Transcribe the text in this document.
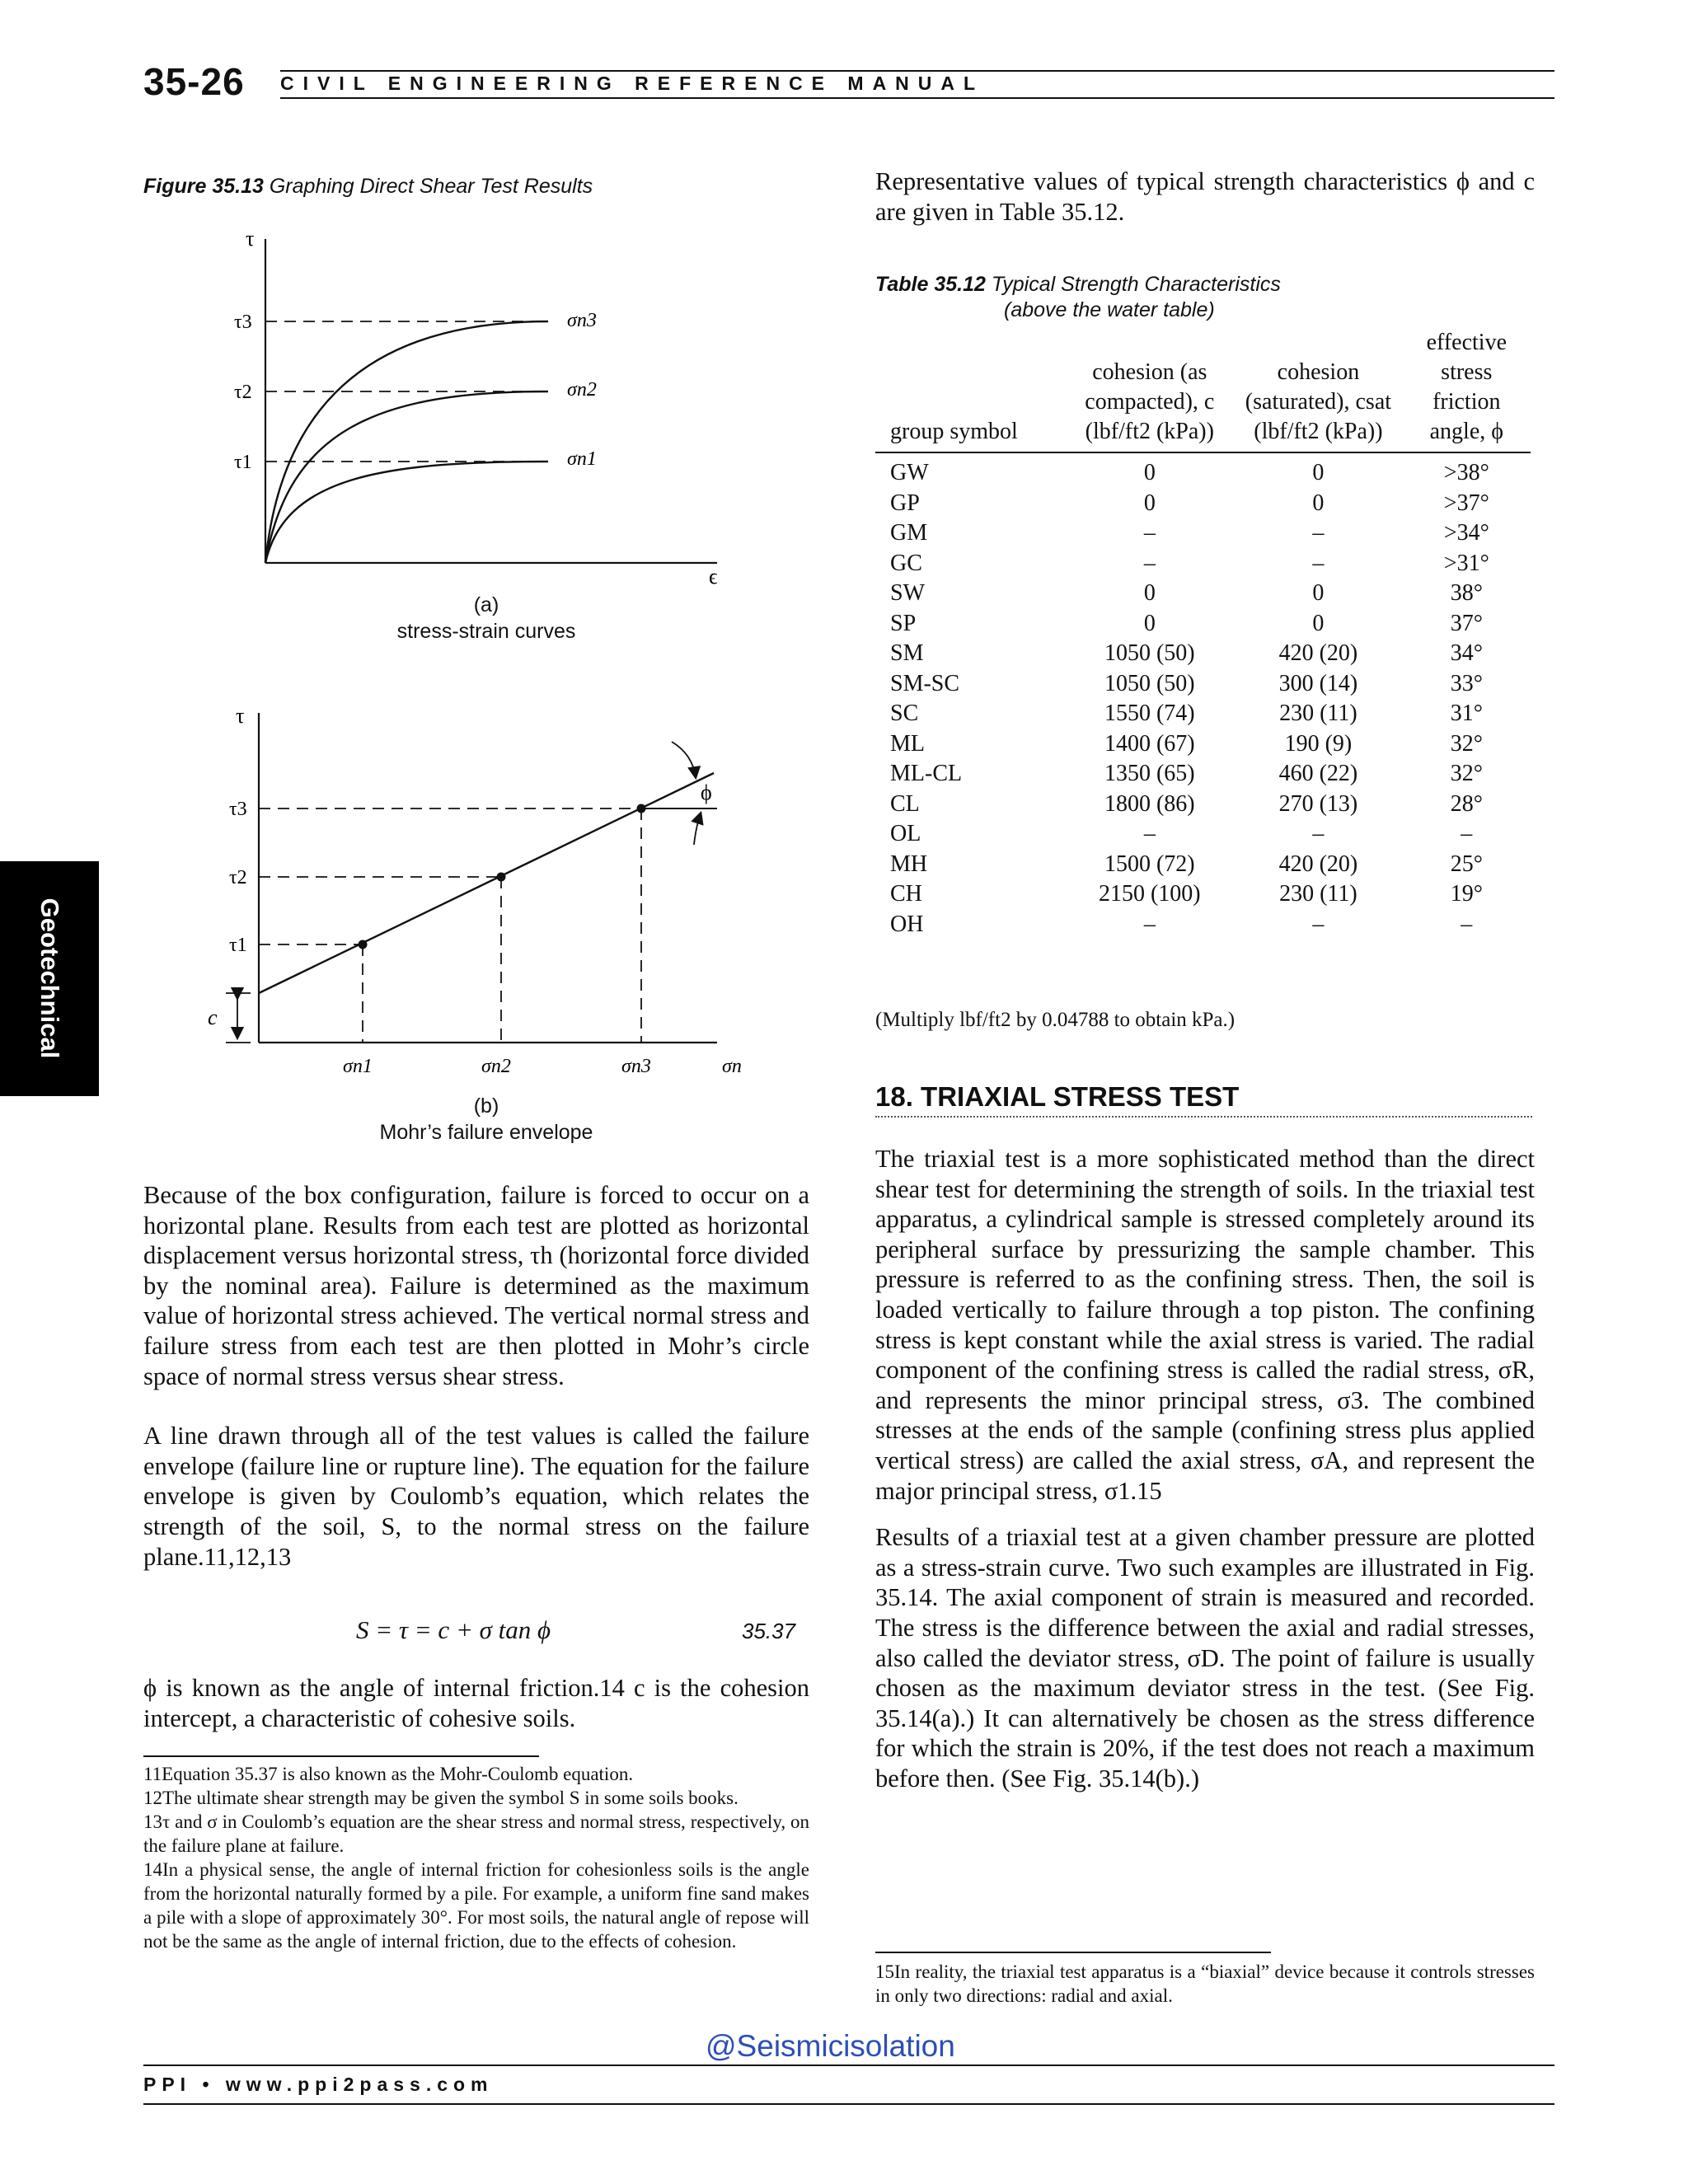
35-26 CIVIL ENGINEERING REFERENCE MANUAL
Geotechnical
Figure 35.13 Graphing Direct Shear Test Results
τ
ϵ
τ3
τ2
τ1
σn3
σn2
σn1
(a)
stress-strain curves
τ
ϕ
c
τ3
τ2
τ1
σn1	σn2	σn3	σn
(b)
Mohr’s failure envelope

Because of the box configuration, failure is forced to occur on a horizontal plane. Results from each test are plotted as horizontal displacement versus horizontal stress, τh (horizontal force divided by the nominal area). Failure is determined as the maximum value of horizontal stress achieved. The vertical normal stress and failure stress from each test are then plotted in Mohr’s circle space of normal stress versus shear stress.

A line drawn through all of the test values is called the failure envelope (failure line or rupture line). The equation for the failure envelope is given by Coulomb’s equation, which relates the strength of the soil, S, to the normal stress on the failure plane.11,12,13

S = τ = c + σ tan ϕ	35.37

ϕ is known as the angle of internal friction.14 c is the cohesion intercept, a characteristic of cohesive soils.

11Equation 35.37 is also known as the Mohr-Coulomb equation.

12The ultimate shear strength may be given the symbol S in some soils books.

13τ and σ in Coulomb’s equation are the shear stress and normal stress, respectively, on the failure plane at failure.

14In a physical sense, the angle of internal friction for cohesionless soils is the angle from the horizontal naturally formed by a pile. For example, a uniform fine sand makes a pile with a slope of approximately 30°. For most soils, the natural angle of repose will not be the same as the angle of internal friction, due to the effects of cohesion.

Representative values of typical strength characteristics ϕ and c are given in Table 35.12.

Table 35.12 Typical Strength Characteristics
(above the water table)
group symbol	cohesion (as compacted), c (lbf/ft2 (kPa))	cohesion (saturated), csat (lbf/ft2 (kPa))	effective stress friction angle, ϕ
GW	0	0	>38°
GP	0	0	>37°
GM	–	–	>34°
GC	–	–	>31°
SW	0	0	38°
SP	0	0	37°
SM	1050 (50)	420 (20)	34°
SM-SC	1050 (50)	300 (14)	33°
SC	1550 (74)	230 (11)	31°
ML	1400 (67)	190 (9)	32°
ML-CL	1350 (65)	460 (22)	32°
CL	1800 (86)	270 (13)	28°
OL	–	–	–
MH	1500 (72)	420 (20)	25°
CH	2150 (100)	230 (11)	19°
OH	–	–	–
(Multiply lbf/ft2 by 0.04788 to obtain kPa.)
18. TRIAXIAL STRESS TEST

The triaxial test is a more sophisticated method than the direct shear test for determining the strength of soils. In the triaxial test apparatus, a cylindrical sample is stressed completely around its peripheral surface by pressurizing the sample chamber. This pressure is referred to as the confining stress. Then, the soil is loaded vertically to failure through a top piston. The confining stress is kept constant while the axial stress is varied. The radial component of the confining stress is called the radial stress, σR, and represents the minor principal stress, σ3. The combined stresses at the ends of the sample (confining stress plus applied vertical stress) are called the axial stress, σA, and represent the major principal stress, σ1.15

Results of a triaxial test at a given chamber pressure are plotted as a stress-strain curve. Two such examples are illustrated in Fig. 35.14. The axial component of strain is measured and recorded. The stress is the difference between the axial and radial stresses, also called the deviator stress, σD. The point of failure is usually chosen as the maximum deviator stress in the test. (See Fig. 35.14(a).) It can alternatively be chosen as the stress difference for which the strain is 20%, if the test does not reach a maximum before then. (See Fig. 35.14(b).)

15In reality, the triaxial test apparatus is a “biaxial” device because it controls stresses in only two directions: radial and axial.

@Seismicisolation
PPI • www.ppi2pass.com
